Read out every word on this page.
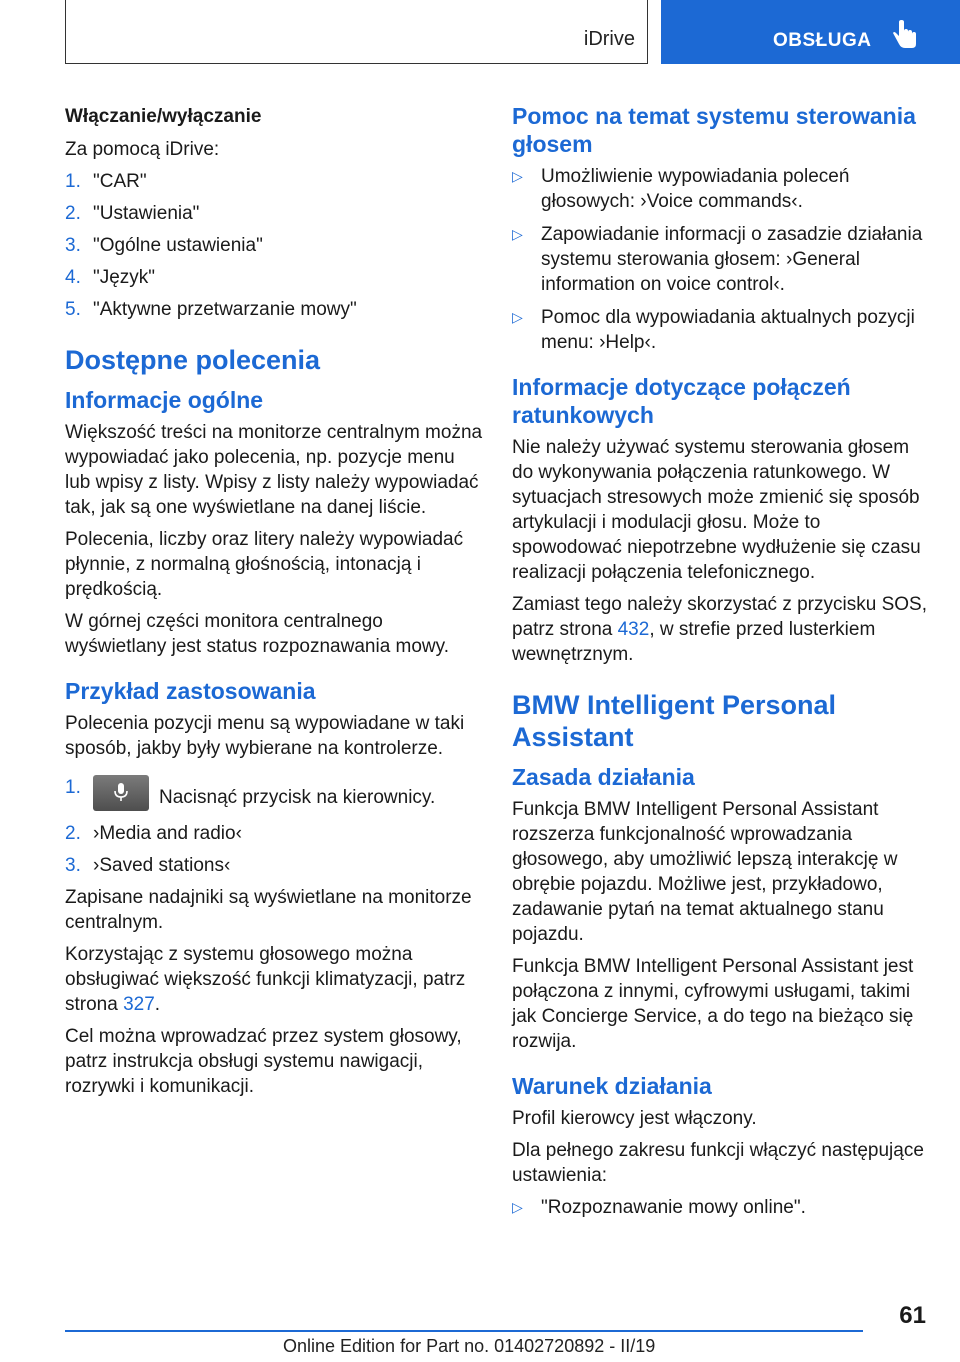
iDrive	OBSŁUGA
Włączanie/wyłączanie

Za pomocą iDrive:

1. "CAR"
2. "Ustawienia"
3. "Ogólne ustawienia"
4. "Język"
5. "Aktywne przetwarzanie mowy"
Dostępne polecenia
Informacje ogólne

Większość treści na monitorze centralnym można wypowiadać jako polecenia, np. pozycje menu lub wpisy z listy. Wpisy z listy należy wypowiadać tak, jak są one wyświetlane na danej liście.

Polecenia, liczby oraz litery należy wypowiadać płynnie, z normalną głośnością, intonacją i prędkością.

W górnej części monitora centralnego wyświetlany jest status rozpoznawania mowy.

Przykład zastosowania

Polecenia pozycji menu są wypowiadane w taki sposób, jakby były wybierane na kontrolerze.

1.	Nacisnąć przycisk na kierownicy.
2. ›Media and radio‹
3. ›Saved stations‹

Zapisane nadajniki są wyświetlane na monitorze centralnym.

Korzystając z systemu głosowego można obsługiwać większość funkcji klimatyzacji, patrz strona 327.

Cel można wprowadzać przez system głosowy, patrz instrukcja obsługi systemu nawigacji, rozrywki i komunikacji.

Pomoc na temat systemu sterowania głosem
▷ Umożliwienie wypowiadania poleceń głosowych: ›Voice commands‹.
▷ Zapowiadanie informacji o zasadzie działania systemu sterowania głosem: ›General information on voice control‹.
▷ Pomoc dla wypowiadania aktualnych pozycji menu: ›Help‹.
Informacje dotyczące połączeń ratunkowych

Nie należy używać systemu sterowania głosem do wykonywania połączenia ratunkowego. W sytuacjach stresowych może zmienić się sposób artykulacji i modulacji głosu. Może to spowodować niepotrzebne wydłużenie się czasu realizacji połączenia telefonicznego.

Zamiast tego należy skorzystać z przycisku SOS, patrz strona 432, w strefie przed lusterkiem wewnętrznym.

BMW Intelligent Personal Assistant
Zasada działania

Funkcja BMW Intelligent Personal Assistant rozszerza funkcjonalność wprowadzania głosowego, aby umożliwić lepszą interakcję w obrębie pojazdu. Możliwe jest, przykładowo, zadawanie pytań na temat aktualnego stanu pojazdu.

Funkcja BMW Intelligent Personal Assistant jest połączona z innymi, cyfrowymi usługami, takimi jak Concierge Service, a do tego na bieżąco się rozwija.

Warunek działania

Profil kierowcy jest włączony.

Dla pełnego zakresu funkcji włączyć następujące ustawienia:

▷ "Rozpoznawanie mowy online".
61
Online Edition for Part no. 01402720892 - II/19
